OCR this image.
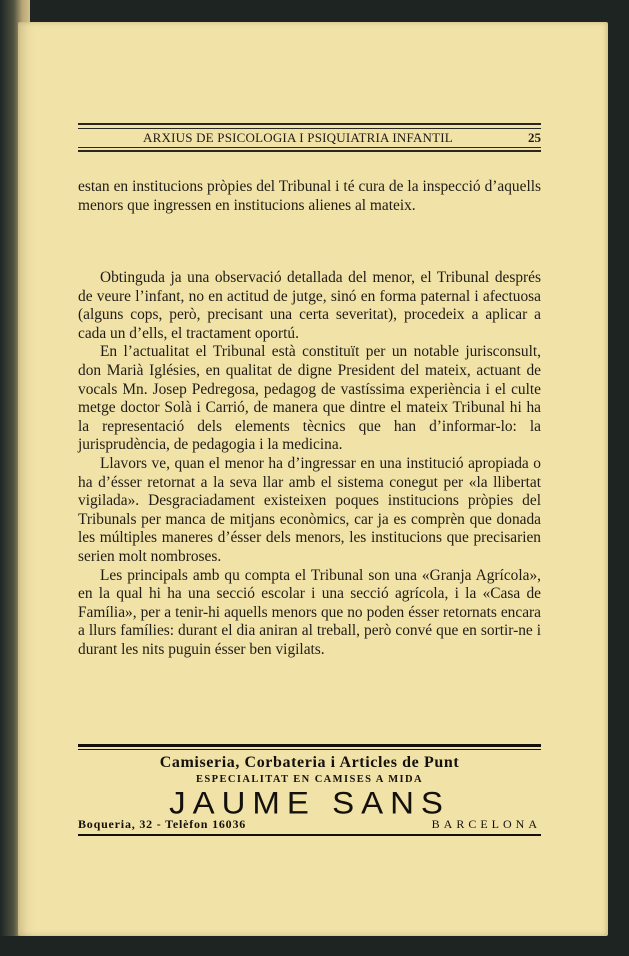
ARXIUS DE PSICOLOGIA I PSIQUIATRIA INFANTIL	25

estan en institucions pròpies del Tribunal i té cura de la inspecció d’aquells menors que ingressen en institucions alienes al mateix.

Obtinguda ja una observació detallada del menor, el Tribunal després de veure l’infant, no en actitud de jutge, sinó en forma paternal i afectuosa (alguns cops, però, precisant una certa severitat), procedeix a aplicar a cada un d’ells, el tractament oportú.

En l’actualitat el Tribunal està constituït per un notable jurisconsult, don Marià Iglésies, en qualitat de digne President del mateix, actuant de vocals Mn. Josep Pedregosa, pedagog de vastíssima experiència i el culte metge doctor Solà i Carrió, de manera que dintre el mateix Tribunal hi ha la representació dels elements tècnics que han d’informar-lo: la jurisprudència, de pedagogia i la medicina.

Llavors ve, quan el menor ha d’ingressar en una institució apropiada o ha d’ésser retornat a la seva llar amb el sistema conegut per «la llibertat vigilada». Desgraciadament existeixen poques institucions pròpies del Tribunals per manca de mitjans econòmics, car ja es comprèn que donada les múltiples maneres d’ésser dels menors, les institucions que precisarien serien molt nombroses.

Les principals amb qu compta el Tribunal son una «Granja Agrícola», en la qual hi ha una secció escolar i una secció agrícola, i la «Casa de Família», per a tenir-hi aquells menors que no poden ésser retornats encara a llurs famílies: durant el dia aniran al treball, però convé que en sortir-ne i durant les nits puguin ésser ben vigilats.

Camiseria, Corbateria i Articles de Punt
ESPECIALITAT EN CAMISES A MIDA
JAUME SANS
Boqueria, 32 - Telèfon 16036	BARCELONA
